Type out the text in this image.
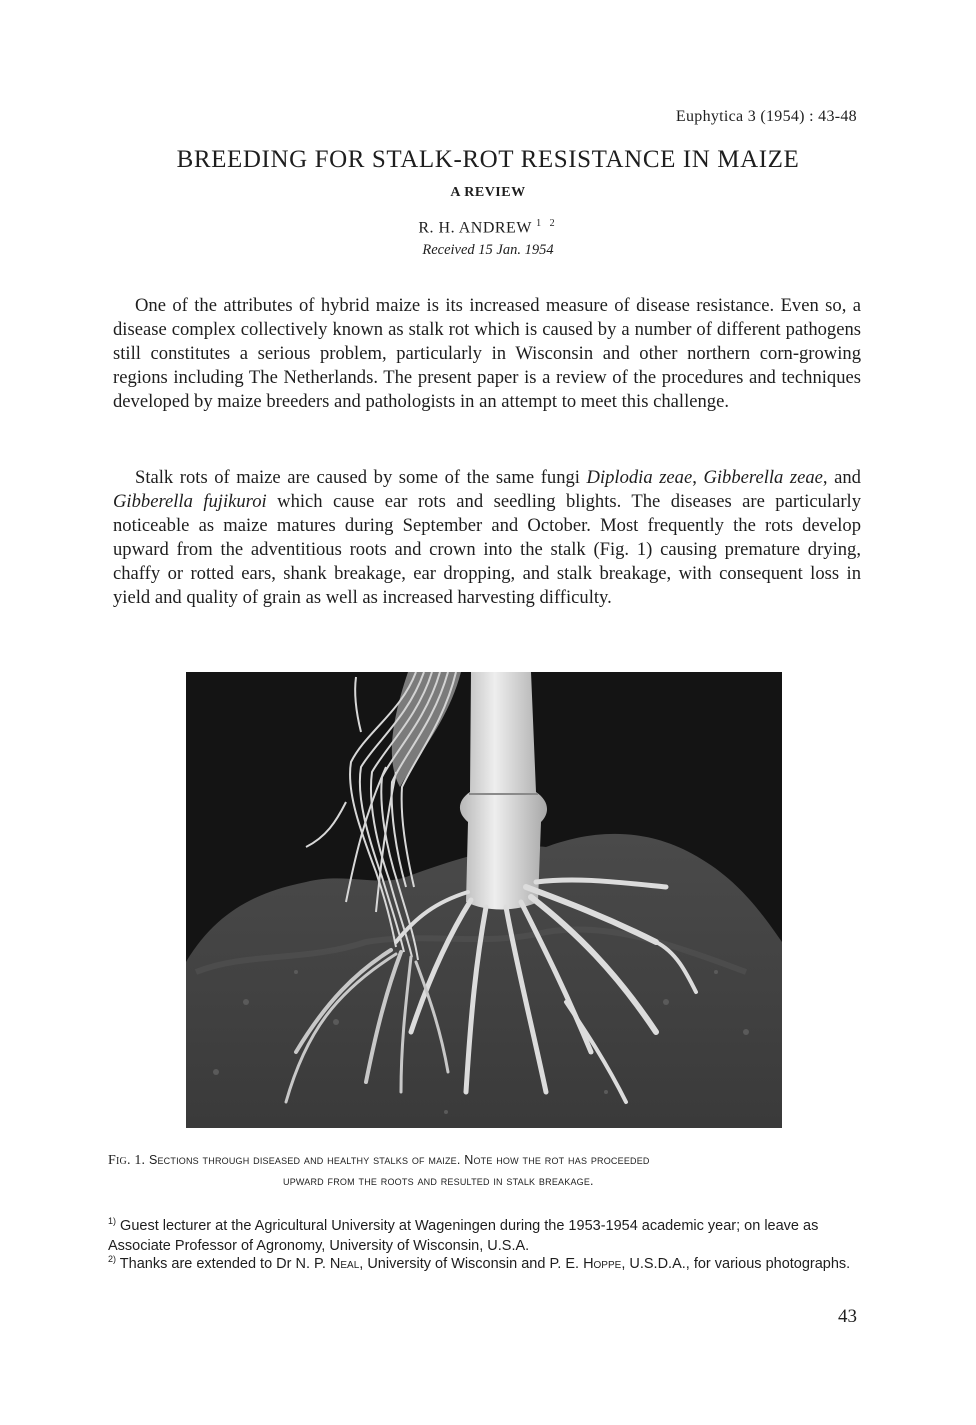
Euphytica 3 (1954) : 43-48
BREEDING FOR STALK-ROT RESISTANCE IN MAIZE
A REVIEW
R. H. ANDREW $^{1 2}$
Received 15 Jan. 1954

One of the attributes of hybrid maize is its increased measure of disease resistance. Even so, a disease complex collectively known as stalk rot which is caused by a number of different pathogens still constitutes a serious problem, particularly in Wisconsin and other northern corn-growing regions including The Netherlands. The present paper is a review of the procedures and techniques developed by maize breeders and pathologists in an attempt to meet this challenge.

Stalk rots of maize are caused by some of the same fungi Diplodia zeae, Gibberella zeae, and Gibberella fujikuroi which cause ear rots and seedling blights. The diseases are particularly noticeable as maize matures during September and October. Most frequently the rots develop upward from the adventitious roots and crown into the stalk (Fig. 1) causing premature drying, chaffy or rotted ears, shank breakage, ear dropping, and stalk breakage, with consequent loss in yield and quality of grain as well as increased harvesting difficulty.

Fig. 1. Sections through diseased and healthy stalks of maize. Note how the rot has proceeded
upward from the roots and resulted in stalk breakage.
$^{1)}$ Guest lecturer at the Agricultural University at Wageningen during the 1953-1954 academic year; on leave as Associate Professor of Agronomy, University of Wisconsin, U.S.A.
$^{2)}$ Thanks are extended to Dr N. P. Neal, University of Wisconsin and P. E. Hoppe, U.S.D.A., for various photographs.
43
